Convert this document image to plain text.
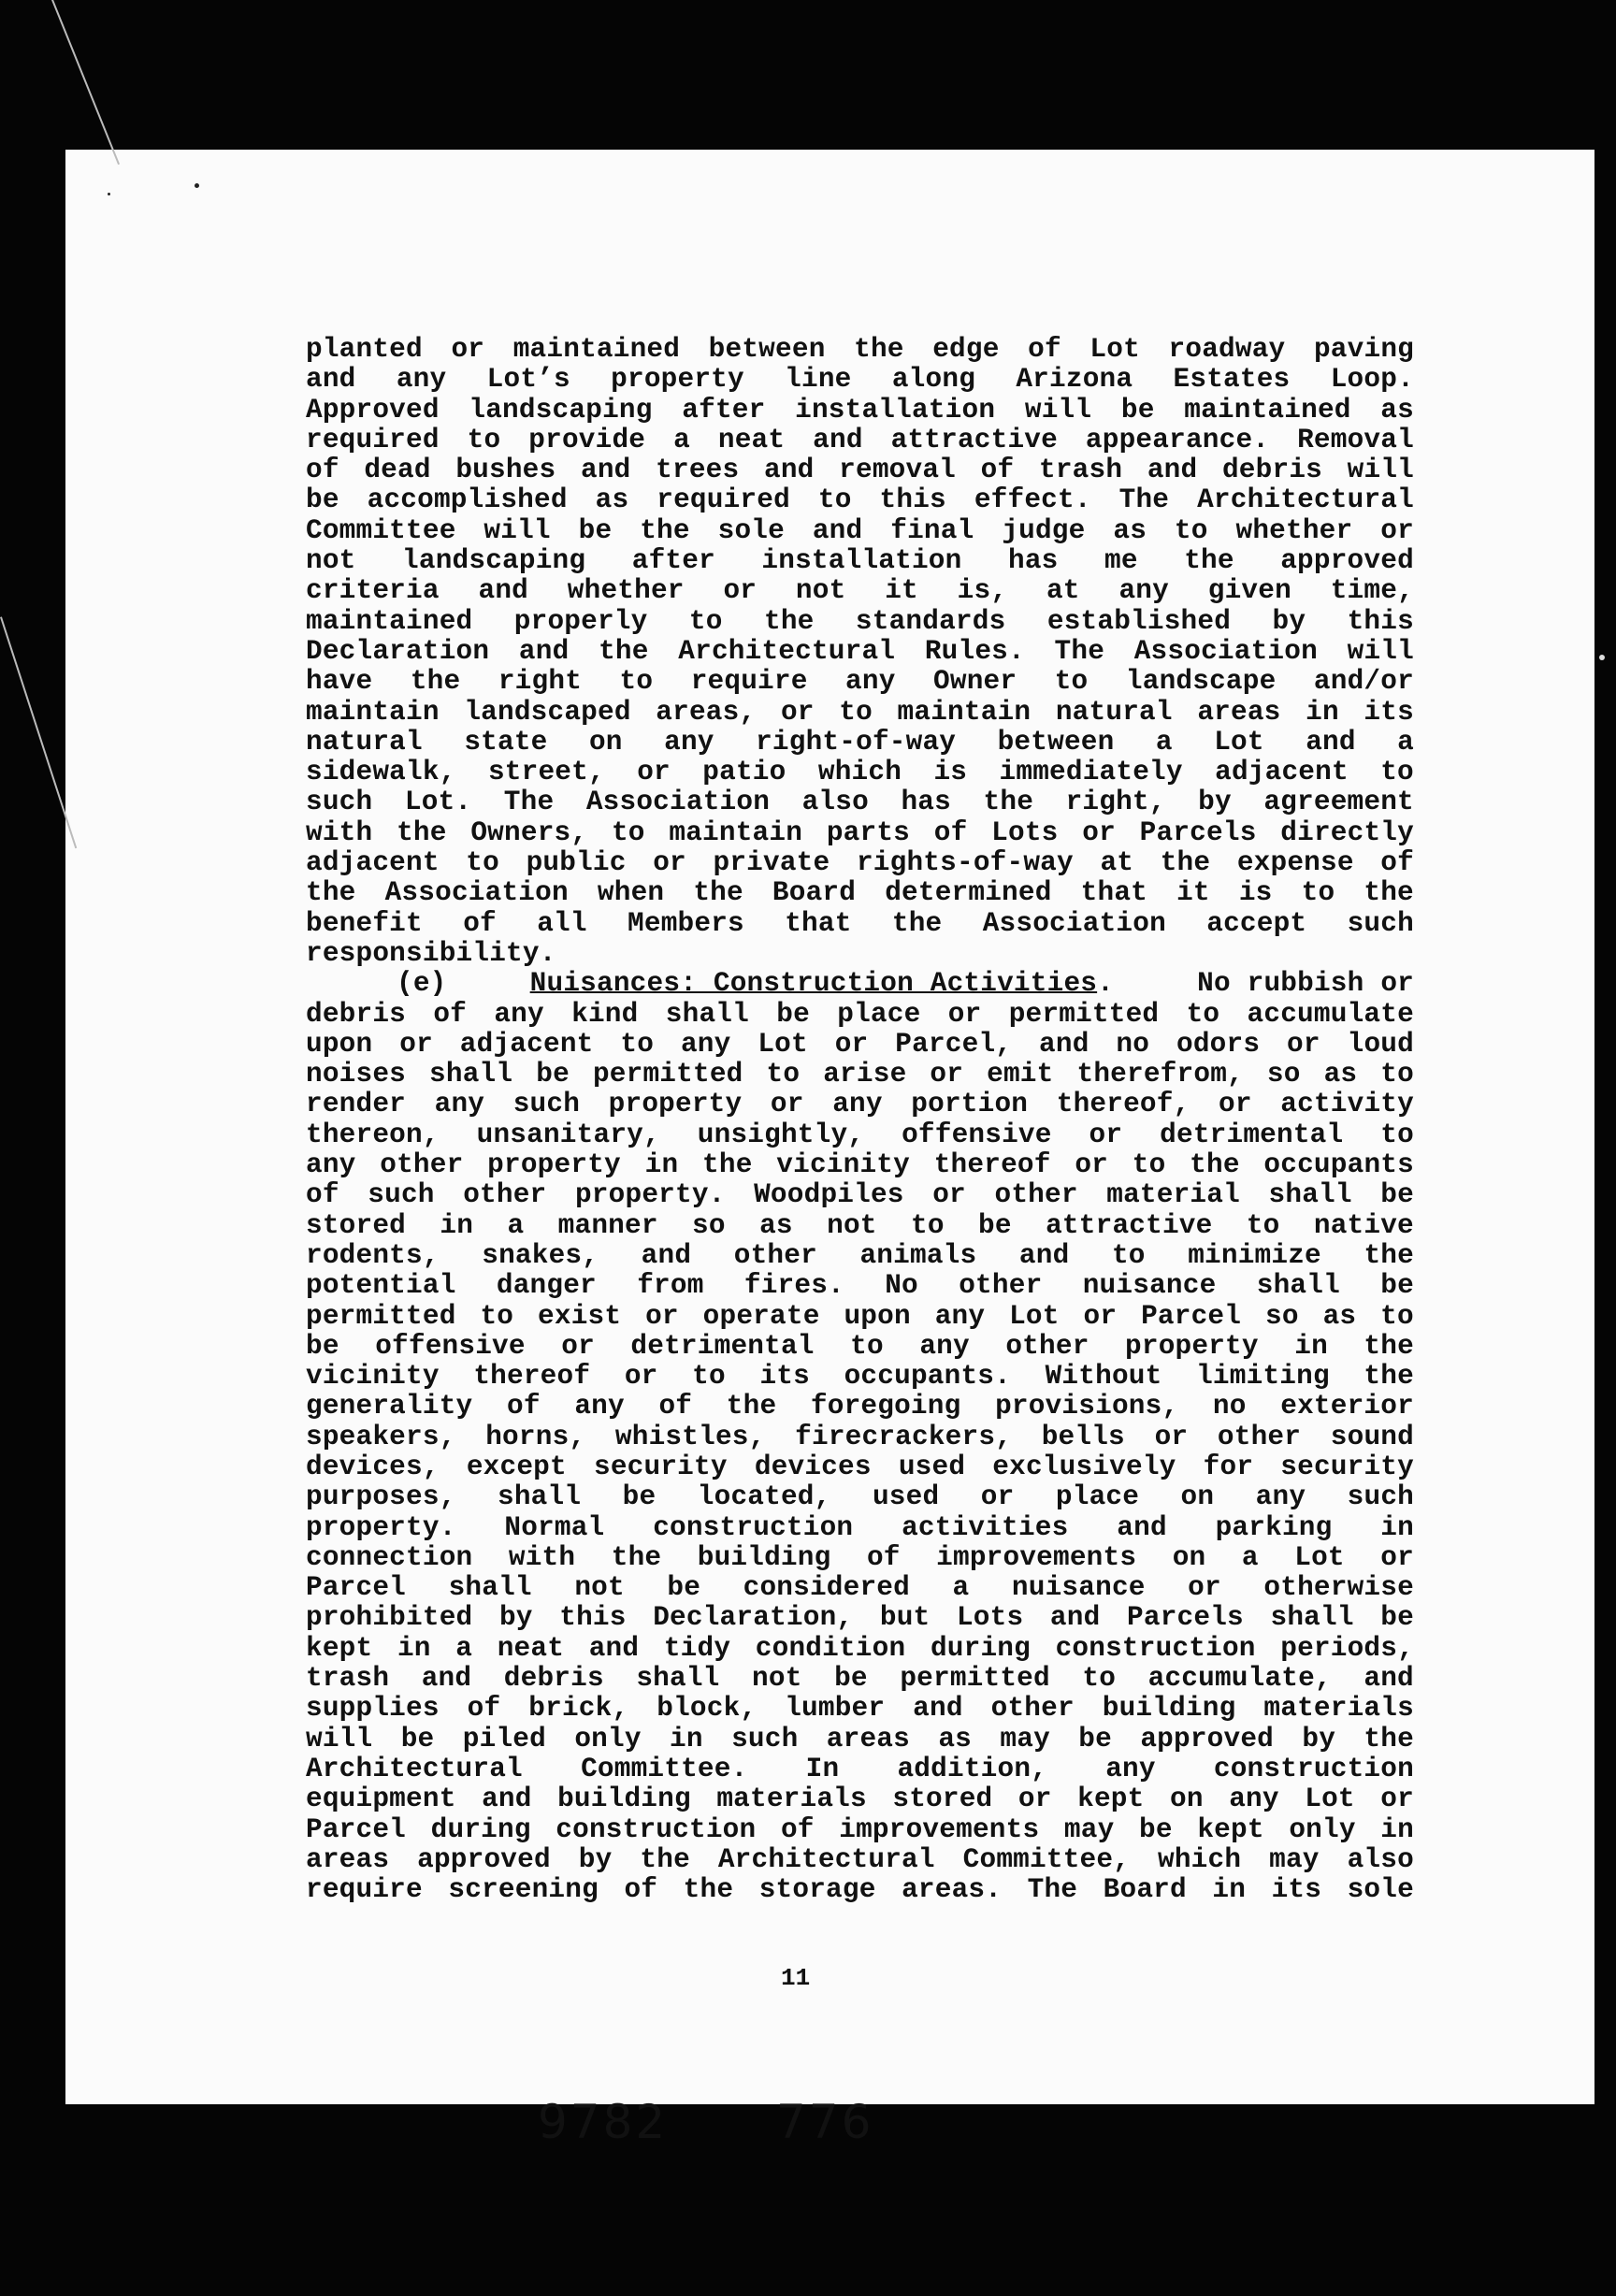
planted or maintained between the edge of Lot roadway paving
and any Lot’s property line along Arizona Estates Loop.
Approved landscaping after installation will be maintained as
required to provide a neat and attractive appearance. Removal
of dead bushes and trees and removal of trash and debris will
be accomplished as required to this effect. The Architectural
Committee will be the sole and final judge as to whether or
not landscaping after installation has me the approved
criteria and whether or not it is, at any given time,
maintained properly to the standards established by this
Declaration and the Architectural Rules. The Association will
have the right to require any Owner to landscape and/or
maintain landscaped areas, or to maintain natural areas in its
natural state on any right-of-way between a Lot and a
sidewalk, street, or patio which is immediately adjacent to
such Lot. The Association also has the right, by agreement
with the Owners, to maintain parts of Lots or Parcels directly
adjacent to public or private rights-of-way at the expense of
the Association when the Board determined that it is to the
benefit of all Members that the Association accept such
responsibility.
(e)	Nuisances: Construction Activities.	No rubbish or
debris of any kind shall be place or permitted to accumulate
upon or adjacent to any Lot or Parcel, and no odors or loud
noises shall be permitted to arise or emit therefrom, so as to
render any such property or any portion thereof, or activity
thereon, unsanitary, unsightly, offensive or detrimental to
any other property in the vicinity thereof or to the occupants
of such other property. Woodpiles or other material shall be
stored in a manner so as not to be attractive to native
rodents, snakes, and other animals and to minimize the
potential danger from fires. No other nuisance shall be
permitted to exist or operate upon any Lot or Parcel so as to
be offensive or detrimental to any other property in the
vicinity thereof or to its occupants. Without limiting the
generality of any of the foregoing provisions, no exterior
speakers, horns, whistles, firecrackers, bells or other sound
devices, except security devices used exclusively for security
purposes, shall be located, used or place on any such
property. Normal construction activities and parking in
connection with the building of improvements on a Lot or
Parcel shall not be considered a nuisance or otherwise
prohibited by this Declaration, but Lots and Parcels shall be
kept in a neat and tidy condition during construction periods,
trash and debris shall not be permitted to accumulate, and
supplies of brick, block, lumber and other building materials
will be piled only in such areas as may be approved by the
Architectural Committee. In addition, any construction
equipment and building materials stored or kept on any Lot or
Parcel during construction of improvements may be kept only in
areas approved by the Architectural Committee, which may also
require screening of the storage areas. The Board in its sole
11
9782 776
